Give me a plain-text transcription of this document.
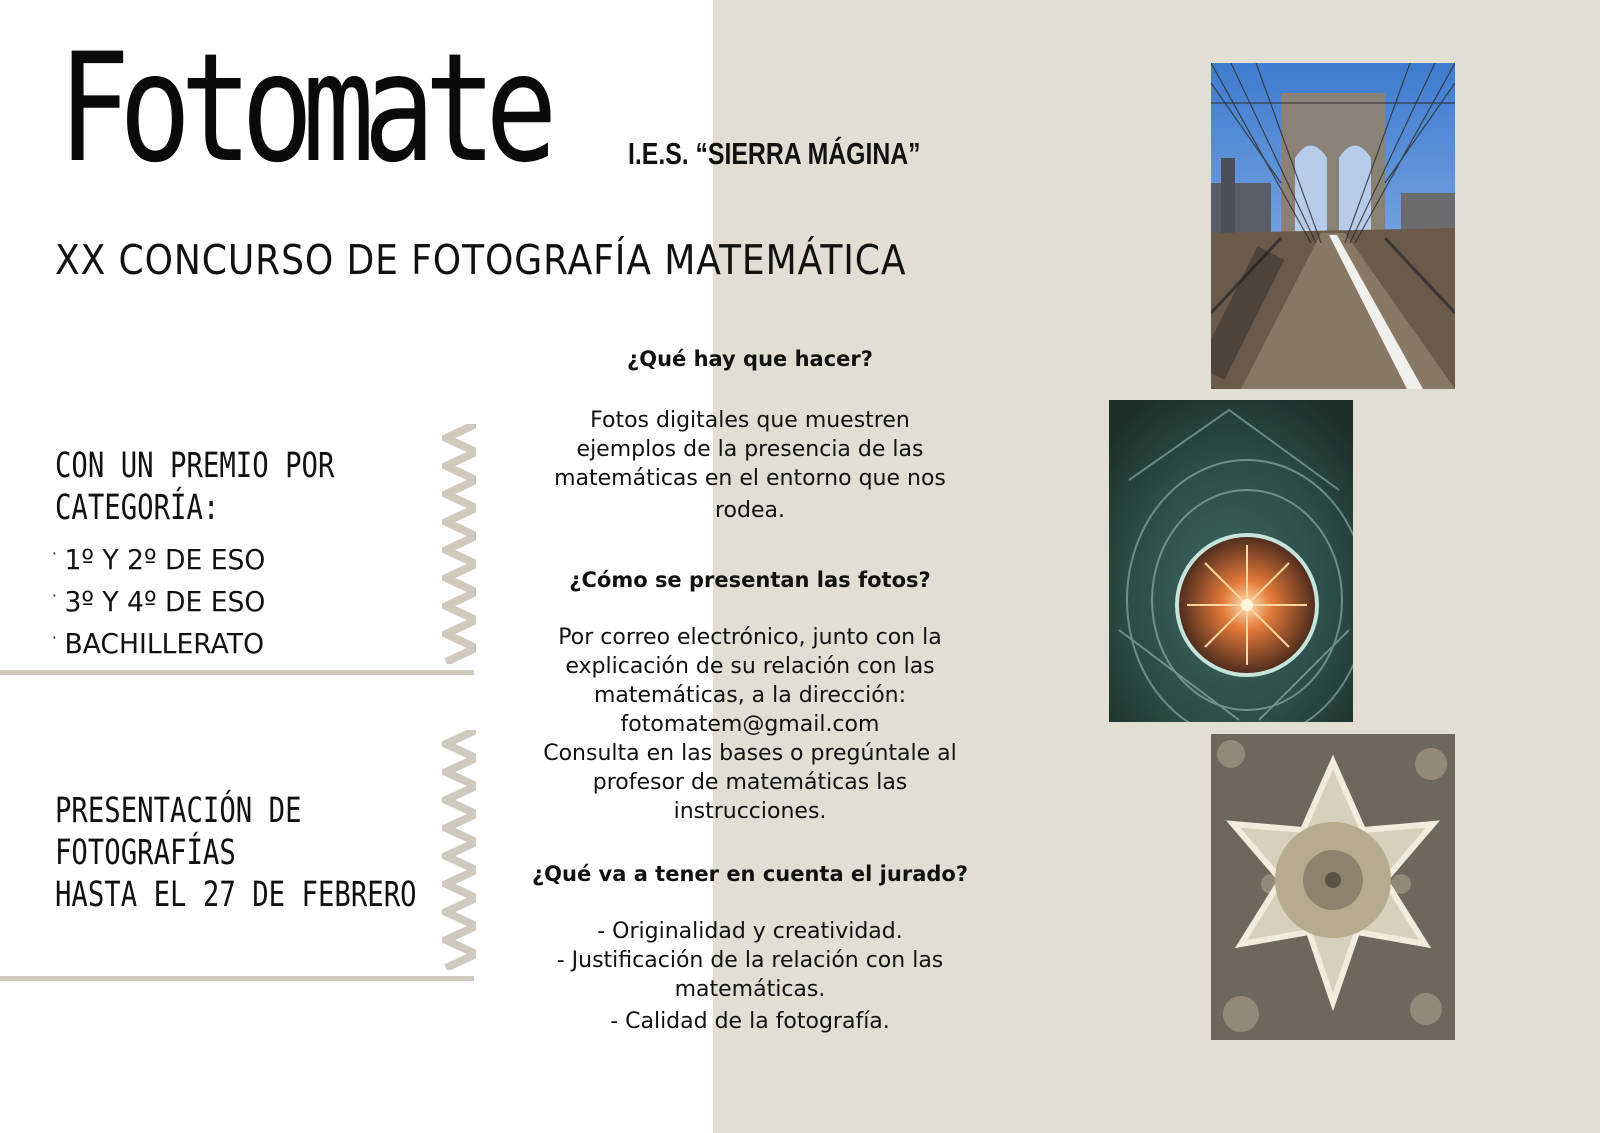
Fotomate	I.E.S. “SIERRA MÁGINA”
XX CONCURSO DE FOTOGRAFÍA MATEMÁTICA
CON UN PREMIO POR
CATEGORÍA:
· 1º Y 2º DE ESO
· 3º Y 4º DE ESO
· BACHILLERATO
PRESENTACIÓN DE
FOTOGRAFÍAS
HASTA EL 27 DE FEBRERO
¿Qué hay que hacer?

Fotos digitales que muestren

ejemplos de la presencia de las

matemáticas en el entorno que nos

rodea.

¿Cómo se presentan las fotos?

Por correo electrónico, junto con la

explicación de su relación con las

matemáticas, a la dirección:

fotomatem@gmail.com

Consulta en las bases o pregúntale al

profesor de matemáticas las

instrucciones.

¿Qué va a tener en cuenta el jurado?

- Originalidad y creatividad.

- Justificación de la relación con las

matemáticas.

- Calidad de la fotografía.
